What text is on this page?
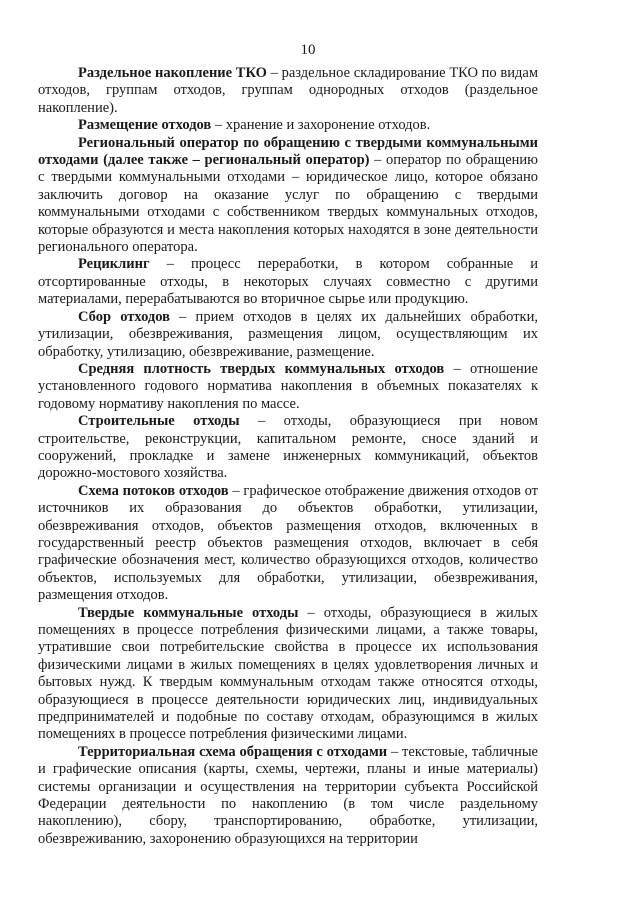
10

Раздельное накопление ТКО – раздельное складирование ТКО по видам отходов, группам отходов, группам однородных отходов (раздельное накопление).

Размещение отходов – хранение и захоронение отходов.

Региональный оператор по обращению с твердыми коммунальными отходами (далее также – региональный оператор) – оператор по обращению с твердыми коммунальными отходами – юридическое лицо, которое обязано заключить договор на оказание услуг по обращению с твердыми коммунальными отходами с собственником твердых коммунальных отходов, которые образуются и места накопления которых находятся в зоне деятельности регионального оператора.

Рециклинг – процесс переработки, в котором собранные и отсортированные отходы, в некоторых случаях совместно с другими материалами, перерабатываются во вторичное сырье или продукцию.

Сбор отходов – прием отходов в целях их дальнейших обработки, утилизации, обезвреживания, размещения лицом, осуществляющим их обработку, утилизацию, обезвреживание, размещение.

Средняя плотность твердых коммунальных отходов – отношение установленного годового норматива накопления в объемных показателях к годовому нормативу накопления по массе.

Строительные отходы – отходы, образующиеся при новом строительстве, реконструкции, капитальном ремонте, сносе зданий и сооружений, прокладке и замене инженерных коммуникаций, объектов дорожно-мостового хозяйства.

Схема потоков отходов – графическое отображение движения отходов от источников их образования до объектов обработки, утилизации, обезвреживания отходов, объектов размещения отходов, включенных в государственный реестр объектов размещения отходов, включает в себя графические обозначения мест, количество образующихся отходов, количество объектов, используемых для обработки, утилизации, обезвреживания, размещения отходов.

Твердые коммунальные отходы – отходы, образующиеся в жилых помещениях в процессе потребления физическими лицами, а также товары, утратившие свои потребительские свойства в процессе их использования физическими лицами в жилых помещениях в целях удовлетворения личных и бытовых нужд. К твердым коммунальным отходам также относятся отходы, образующиеся в процессе деятельности юридических лиц, индивидуальных предпринимателей и подобные по составу отходам, образующимся в жилых помещениях в процессе потребления физическими лицами.

Территориальная схема обращения с отходами – текстовые, табличные и графические описания (карты, схемы, чертежи, планы и иные материалы) системы организации и осуществления на территории субъекта Российской Федерации деятельности по накоплению (в том числе раздельному накоплению), сбору, транспортированию, обработке, утилизации, обезвреживанию, захоронению образующихся на территории
